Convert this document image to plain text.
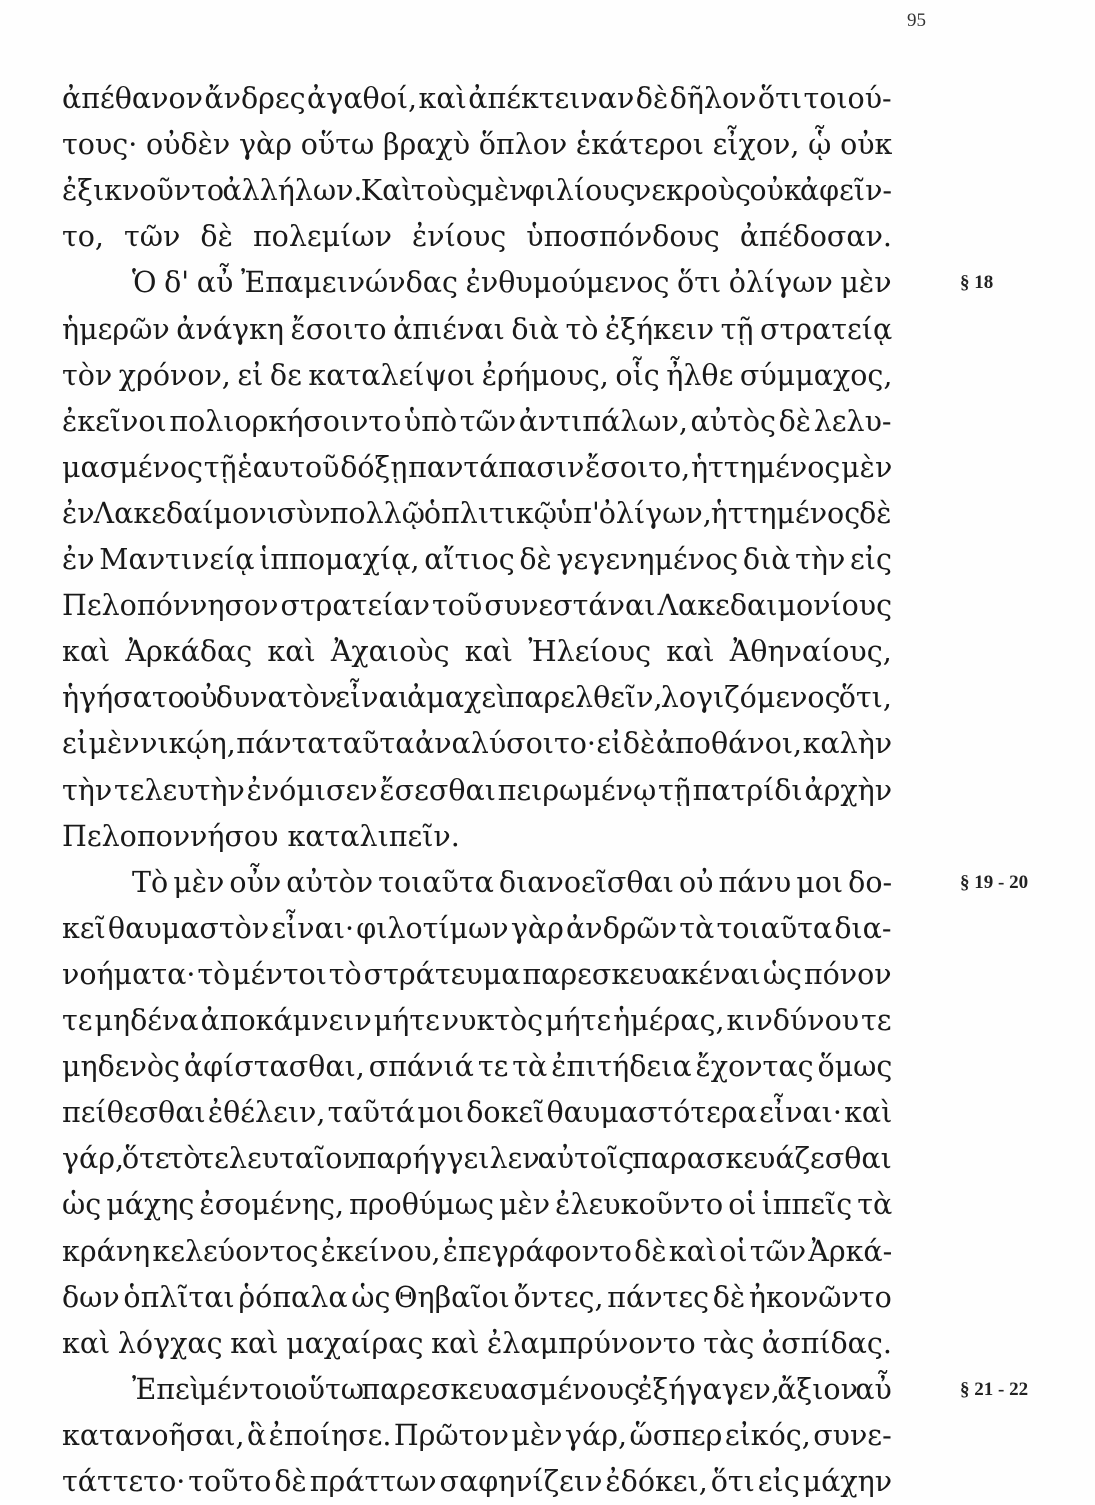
95
ἀπέθανον ἄνδρες ἀγαθοί, καὶ ἀπέκτειναν δὲ δῆλον ὅτι τοιού-
τους· οὐδὲν γὰρ οὕτω βραχὺ ὅπλον ἑκάτεροι εἶχον, ᾧ οὐκ
ἐξικνοῦντο ἀλλήλων. Καὶ τοὺς μὲν φιλίους νεκροὺς οὐκ ἀφεῖν-
το, τῶν δὲ πολεμίων ἐνίους ὑποσπόνδους ἀπέδοσαν.
Ὁ δ' αὖ Ἐπαμεινώνδας ἐνθυμούμενος ὅτι ὀλίγων μὲν
ἡμερῶν ἀνάγκη ἔσοιτο ἀπιέναι διὰ τὸ ἐξήκειν τῇ στρατείᾳ
τὸν χρόνον, εἰ δε καταλείψοι ἐρήμους, οἷς ἦλθε σύμμαχος,
ἐκεῖνοι πολιορκήσοιντο ὑπὸ τῶν ἀντιπάλων, αὐτὸς δὲ λελυ-
μασμένος τῇ ἑαυτοῦ δόξῃ παντάπασιν ἔσοιτο, ἡττημένος μὲν
ἐν Λακεδαίμονι σὺν πολλῷ ὁπλιτικῷ ὑπ' ὀλίγων, ἡττημένος δὲ
ἐν Μαντινείᾳ ἱππομαχίᾳ, αἴτιος δὲ γεγενημένος διὰ τὴν εἰς
Πελοπόννησον στρατείαν τοῦ συνεστάναι Λακεδαιμονίους
καὶ Ἀρκάδας καὶ Ἀχαιοὺς καὶ Ἠλείους καὶ Ἀθηναίους,
ἡγήσατο οὐ δυνατὸν εἶναι ἀμαχεὶ παρελθεῖν, λογιζόμενος ὅτι,
εἰ μὲν νικῴη, πάντα ταῦτα ἀναλύσοιτο· εἰ δὲ ἀποθάνοι, καλὴν
τὴν τελευτὴν ἐνόμισεν ἔσεσθαι πειρωμένῳ τῇ πατρίδι ἀρχὴν
Πελοποννήσου καταλιπεῖν.
Τὸ μὲν οὖν αὐτὸν τοιαῦτα διανοεῖσθαι οὐ πάνυ μοι δο-
κεῖ θαυμαστὸν εἶναι· φιλοτίμων γὰρ ἀνδρῶν τὰ τοιαῦτα δια-
νοήματα· τὸ μέντοι τὸ στράτευμα παρεσκευακέναι ὡς πόνον
τε μηδένα ἀποκάμνειν μήτε νυκτὸς μήτε ἡμέρας, κινδύνου τε
μηδενὸς ἀφίστασθαι, σπάνιά τε τὰ ἐπιτήδεια ἔχοντας ὅμως
πείθεσθαι ἐθέλειν, ταῦτά μοι δοκεῖ θαυμαστότερα εἶναι· καὶ
γάρ, ὅτε τὸ τελευταῖον παρήγγειλεν αὐτοῖς παρασκευάζεσθαι
ὡς μάχης ἐσομένης, προθύμως μὲν ἐλευκοῦντο οἱ ἱππεῖς τὰ
κράνη κελεύοντος ἐκείνου, ἐπεγράφοντο δὲ καὶ οἱ τῶν Ἀρκά-
δων ὁπλῖται ῥόπαλα ὡς Θηβαῖοι ὄντες, πάντες δὲ ἠκονῶντο
καὶ λόγχας καὶ μαχαίρας καὶ ἐλαμπρύνοντο τὰς ἀσπίδας.
Ἐπεὶ μέντοι οὕτω παρεσκευασμένους ἐξήγαγεν, ἄξιον αὖ
κατανοῆσαι, ἃ ἐποίησε. Πρῶτον μὲν γάρ, ὥσπερ εἰκός, συνε-
τάττετο· τοῦτο δὲ πράττων σαφηνίζειν ἐδόκει, ὅτι εἰς μάχην
§ 18
§ 19 - 20
§ 21 - 22
